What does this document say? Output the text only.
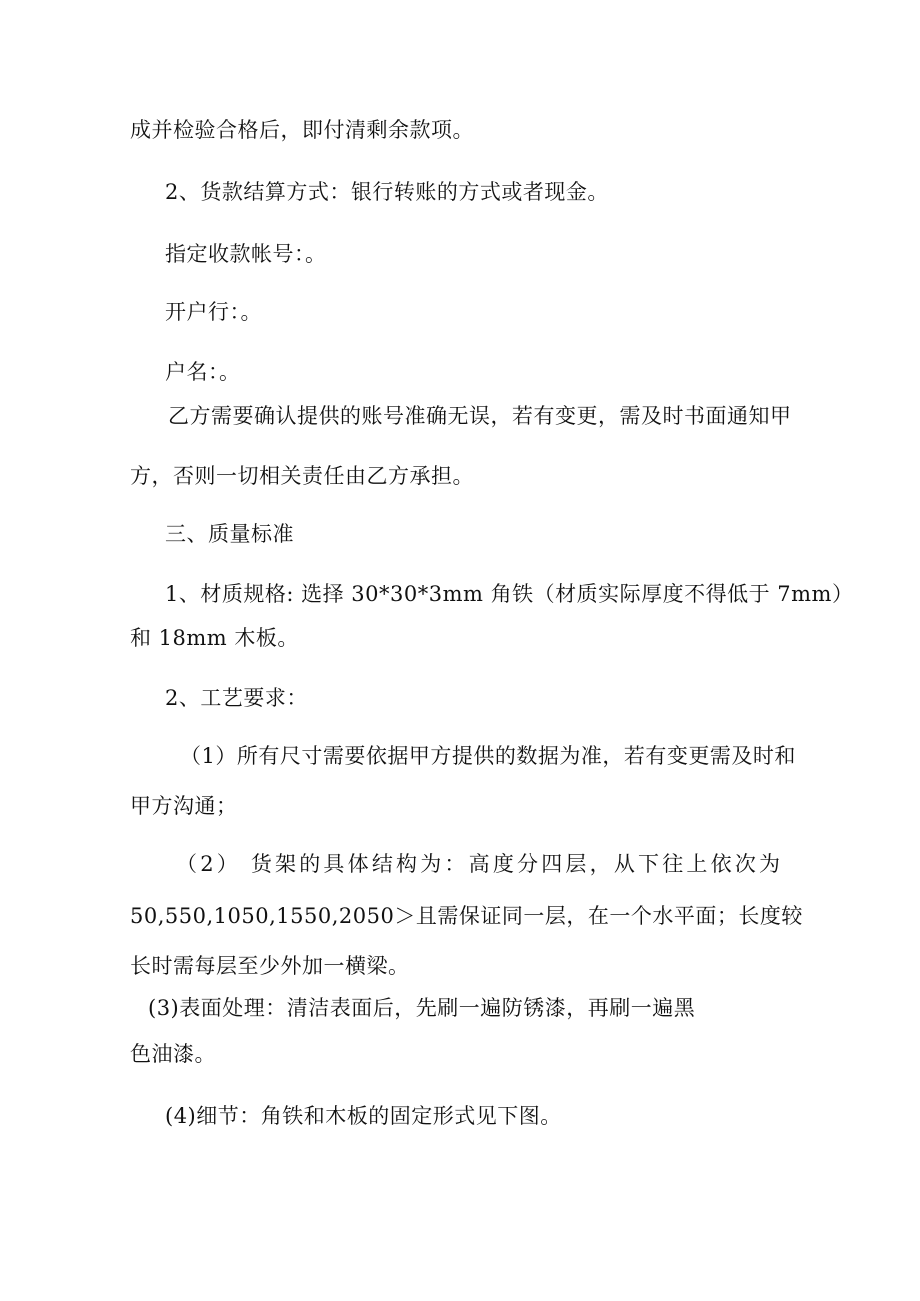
成并检验合格后，即付清剩余款项。
2、货款结算方式：银行转账的方式或者现金。
指定收款帐号：。
开户行：。
户名：。
乙方需要确认提供的账号准确无误，若有变更，需及时书面通知甲
方，否则一切相关责任由乙方承担。
三、质量标准
1、材质规格: 选择 30*30*3mm 角铁（材质实际厚度不得低于 7mm）
和 18mm 木板。
2、工艺要求：
（1）所有尺寸需要依据甲方提供的数据为准，若有变更需及时和
甲方沟通；
（2） 货架的具体结构为：高度分四层，从下往上依次为
50,550,1050,1550,2050＞且需保证同一层，在一个水平面；长度较
长时需每层至少外加一横梁。
(3)表面处理：清洁表面后，先刷一遍防锈漆，再刷一遍黑
色油漆。
(4)细节：角铁和木板的固定形式见下图。
